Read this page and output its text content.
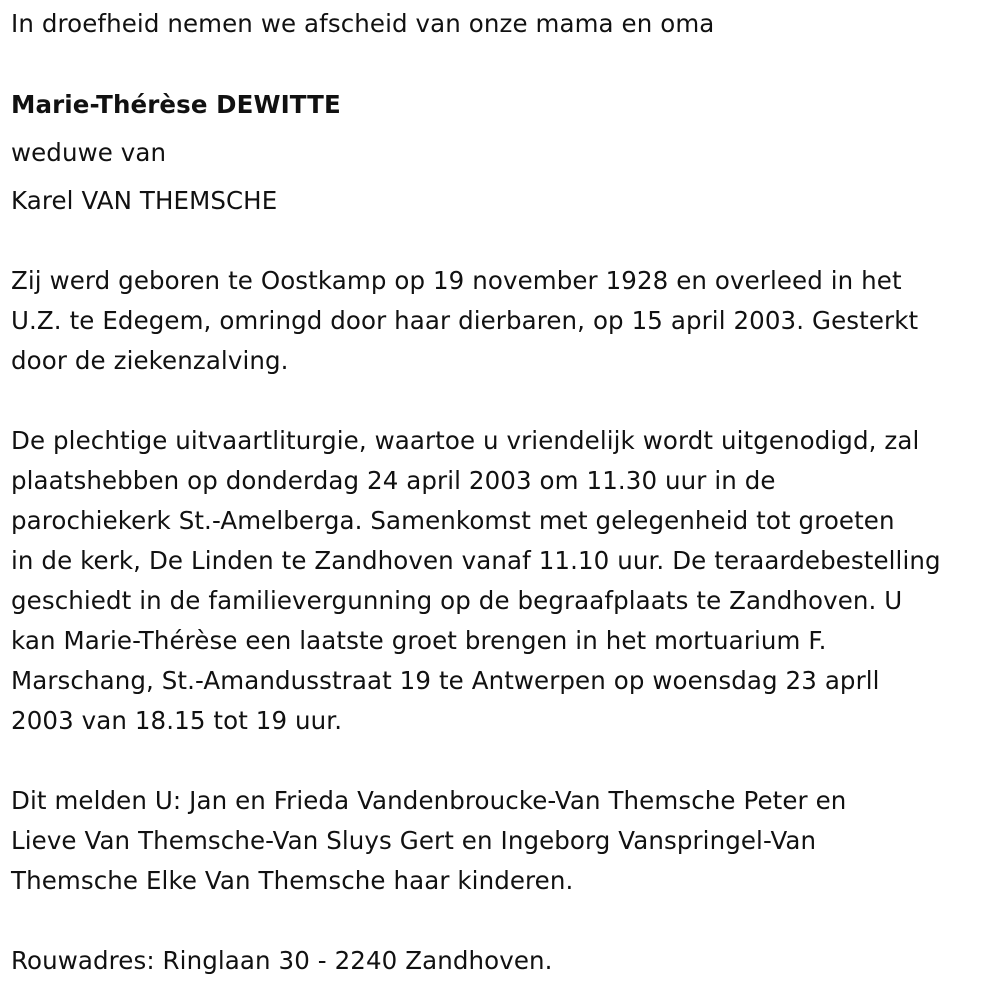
In droefheid nemen we afscheid van onze mama en oma
Marie-Thérèse DEWITTE
weduwe van
Karel VAN THEMSCHE
Zij werd geboren te Oostkamp op 19 november 1928 en overleed in het
U.Z. te Edegem, omringd door haar dierbaren, op 15 april 2003. Gesterkt
door de ziekenzalving.
De plechtige uitvaartliturgie, waartoe u vriendelijk wordt uitgenodigd, zal
plaatshebben op donderdag 24 april 2003 om 11.30 uur in de
parochiekerk St.-Amelberga. Samenkomst met gelegenheid tot groeten
in de kerk, De Linden te Zandhoven vanaf 11.10 uur. De teraardebestelling
geschiedt in de familievergunning op de begraafplaats te Zandhoven. U
kan Marie-Thérèse een laatste groet brengen in het mortuarium F.
Marschang, St.-Amandusstraat 19 te Antwerpen op woensdag 23 aprll
2003 van 18.15 tot 19 uur.
Dit melden U: Jan en Frieda Vandenbroucke-Van Themsche Peter en
Lieve Van Themsche-Van Sluys Gert en Ingeborg Vanspringel-Van
Themsche Elke Van Themsche haar kinderen.
Rouwadres: Ringlaan 30 - 2240 Zandhoven.
